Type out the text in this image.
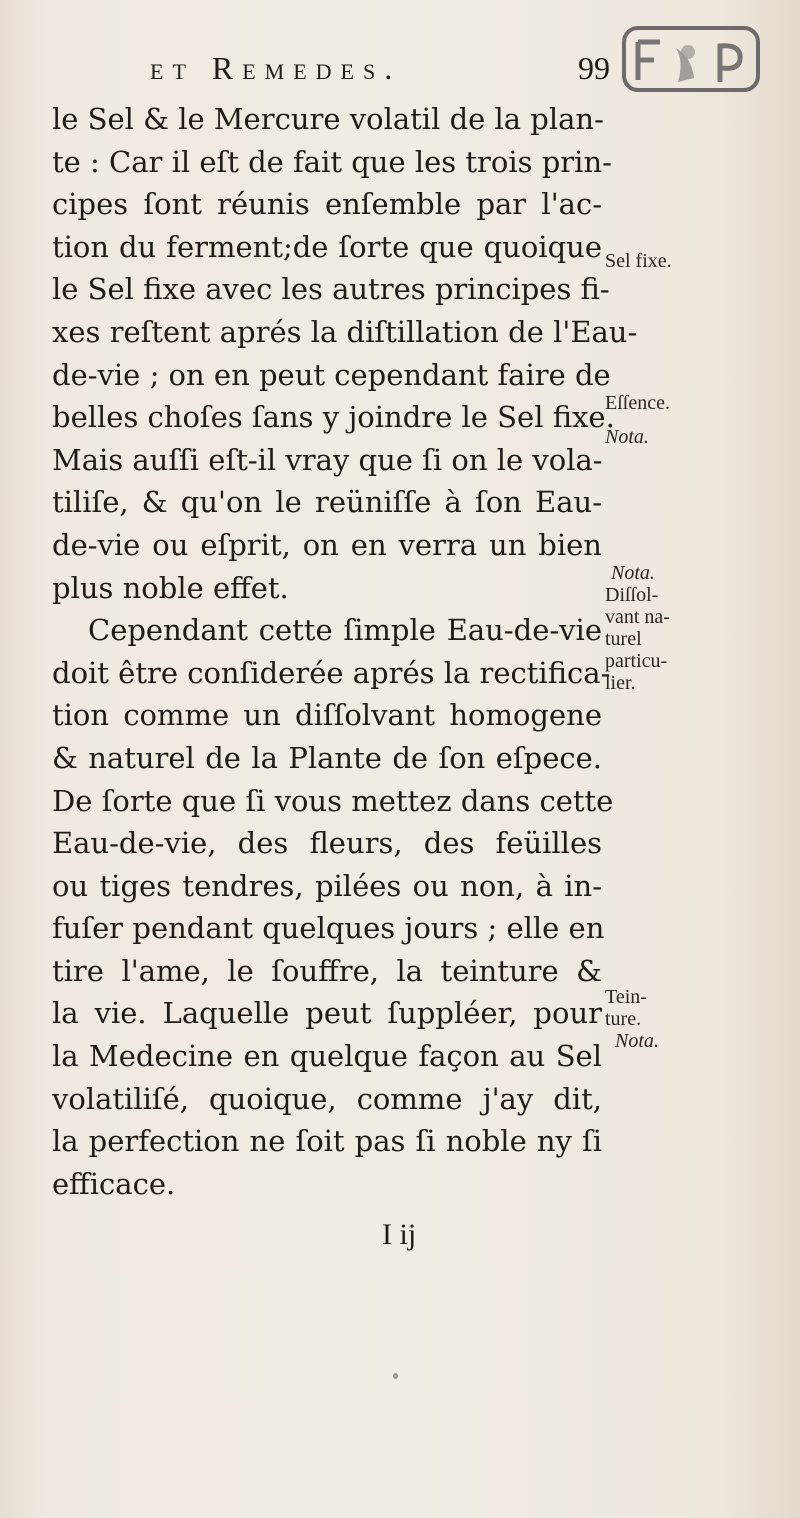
et Remedes.	99
le Sel & le Mercure volatil de la plan-
te : Car il eſt de fait que les trois prin-
cipes ſont réunis enſemble par l'ac-
tion du ferment;de ſorte que quoique
le Sel fixe avec les autres principes fi-
xes reſtent aprés la diſtillation de l'Eau-
de-vie ; on en peut cependant faire de
belles choſes ſans y joindre le Sel fixe.
Mais auſſi eſt-il vray que ſi on le vola-
tiliſe, & qu'on le reüniſſe à ſon Eau-
de-vie ou eſprit, on en verra un bien
plus noble effet.
Cependant cette ſimple Eau-de-vie
doit être conſiderée aprés la rectifica-
tion comme un diſſolvant homogene
& naturel de la Plante de ſon eſpece.
De ſorte que ſi vous mettez dans cette
Eau-de-vie, des fleurs, des feüilles
ou tiges tendres, pilées ou non, à in-
fuſer pendant quelques jours ; elle en
tire l'ame, le ſouffre, la teinture &
la vie. Laquelle peut ſuppléer, pour
la Medecine en quelque façon au Sel
volatiliſé, quoique, comme j'ay dit,
la perfection ne ſoit pas ſi noble ny ſi
efficace.
Sel fixe.
Eſſence.
Nota.
Nota.
Diſſol-
vant na-
turel
particu-
lier.
Tein-
ture.
Nota.
I ij
